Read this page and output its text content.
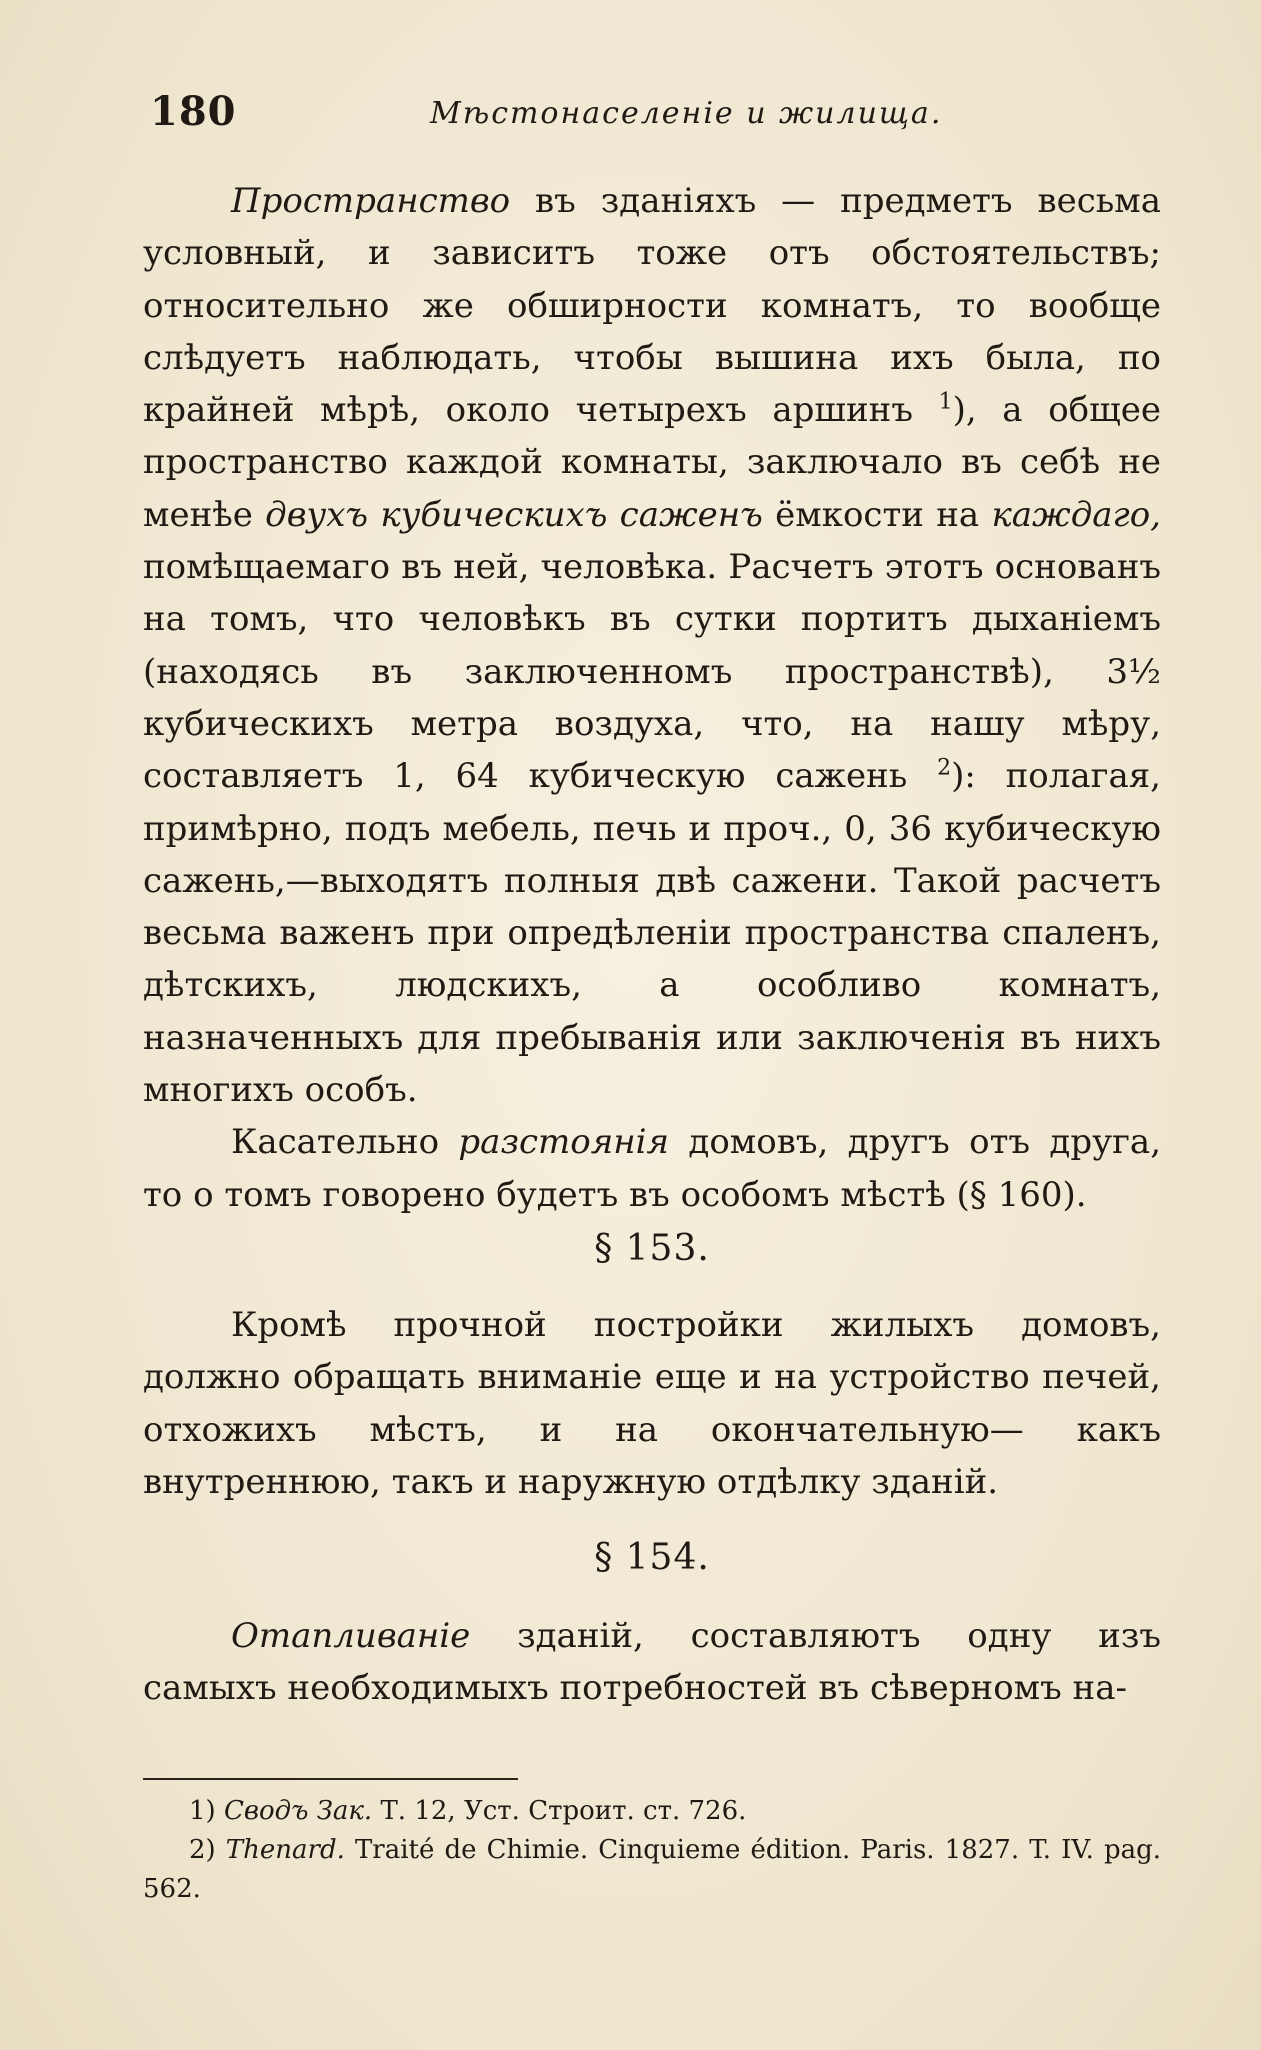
180	Мѣстонаселеніе и жилища.

Пространство въ зданіяхъ — предметъ весьма условный, и зависитъ тоже отъ обстоятельствъ; относительно же обширности комнатъ, то вообще слѣдуетъ наблюдать, чтобы вышина ихъ была, по крайней мѣрѣ, около четырехъ аршинъ $^1$), а общее пространство каждой комнаты, заключало въ себѣ не менѣе двухъ кубическихъ саженъ ёмкости на каждаго, помѣщаемаго въ ней, человѣка. Расчетъ этотъ основанъ на томъ, что человѣкъ въ сутки портитъ дыханіемъ (находясь въ заключенномъ пространствѣ), 3½ кубическихъ метра воздуха, что, на нашу мѣру, составляетъ 1, 64 кубическую сажень $^2$): полагая, примѣрно, подъ мебель, печь и проч., 0, 36 кубическую сажень,—выходятъ полныя двѣ сажени. Такой расчетъ весьма важенъ при опредѣленіи пространства спаленъ, дѣтскихъ, людскихъ, а особливо комнатъ, назначенныхъ для пребыванія или заключенія въ нихъ многихъ особъ.

Касательно разстоянія домовъ, другъ отъ друга, то о томъ говорено будетъ въ особомъ мѣстѣ (§ 160).

§ 153.

Кромѣ прочной постройки жилыхъ домовъ, должно обращать вниманіе еще и на устройство печей, отхожихъ мѣстъ, и на окончательную— какъ внутреннюю, такъ и наружную отдѣлку зданій.

§ 154.

Отапливаніе зданій, составляютъ одну изъ самыхъ необходимыхъ потребностей въ сѣверномъ на-

1) Сводъ Зак. Т. 12, Уст. Строит. ст. 726.

2) Thenard. Traité de Chimie. Cinquieme édition. Paris. 1827. T. IV. pag. 562.
